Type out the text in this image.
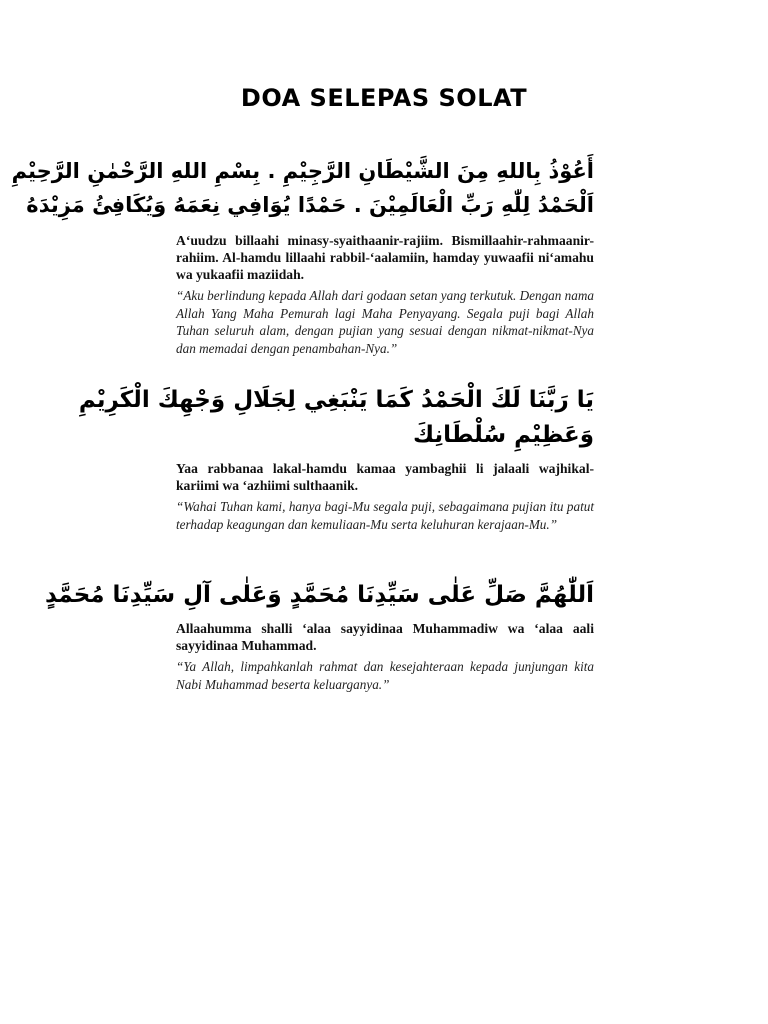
DOA SELEPAS SOLAT
أَعُوْذُ بِاللهِ مِنَ الشَّيْطَانِ الرَّجِيْمِ . بِسْمِ اللهِ الرَّحْمٰنِ الرَّحِيْمِ
اَلْحَمْدُ لِلّٰهِ رَبِّ الْعَالَمِيْنَ . حَمْدًا يُوَافِي نِعَمَهُ وَيُكَافِئُ مَزِيْدَهُ
A‘uudzu billaahi minasy-syaithaanir-rajiim. Bismillaahir-rahmaanir-rahiim. Al-hamdu lillaahi rabbil-‘aalamiin, hamday yuwaafii ni‘amahu wa yukaafii maziidah.
“Aku berlindung kepada Allah dari godaan setan yang terkutuk. Dengan nama Allah Yang Maha Pemurah lagi Maha Penyayang. Segala puji bagi Allah Tuhan seluruh alam, dengan pujian yang sesuai dengan nikmat-nikmat-Nya dan memadai dengan penambahan-Nya.”
يَا رَبَّنَا لَكَ الْحَمْدُ كَمَا يَنْبَغِي لِجَلَالِ وَجْهِكَ الْكَرِيْمِ
وَعَظِيْمِ سُلْطَانِكَ
Yaa rabbanaa lakal-hamdu kamaa yambaghii li jalaali wajhikal-kariimi wa ‘azhiimi sulthaanik.
“Wahai Tuhan kami, hanya bagi-Mu segala puji, sebagaimana pujian itu patut terhadap keagungan dan kemuliaan-Mu serta keluhuran kerajaan-Mu.”
اَللّٰهُمَّ صَلِّ عَلٰى سَيِّدِنَا مُحَمَّدٍ وَعَلٰى آلِ سَيِّدِنَا مُحَمَّدٍ
Allaahumma shalli ‘alaa sayyidinaa Muhammadiw wa ‘alaa aali sayyidinaa Muhammad.
“Ya Allah, limpahkanlah rahmat dan kesejahteraan kepada junjungan kita Nabi Muhammad beserta keluarganya.”
